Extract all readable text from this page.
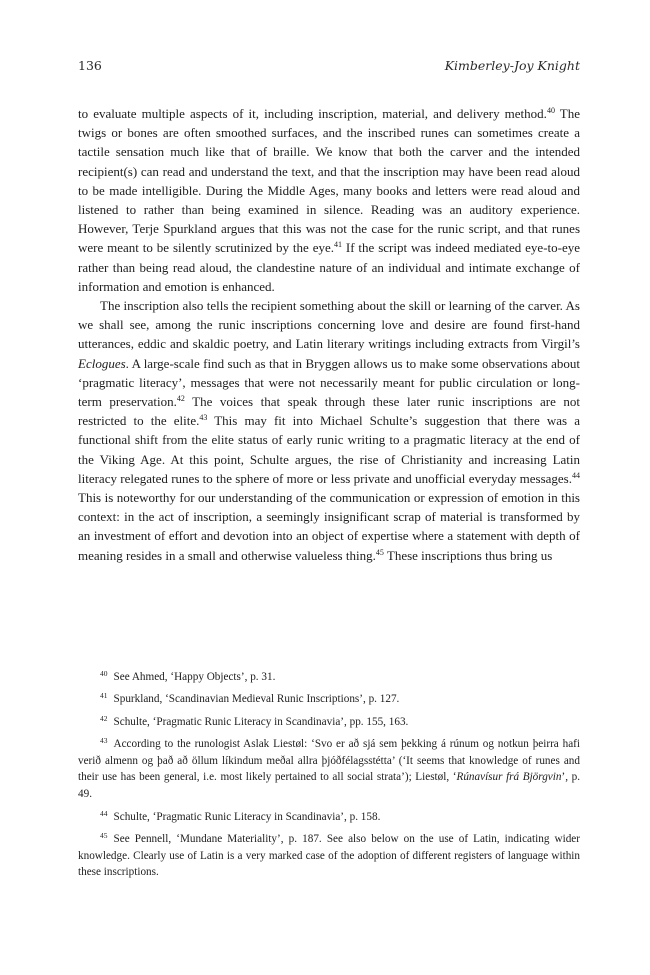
136	Kimberley-Joy Knight

to evaluate multiple aspects of it, including inscription, material, and delivery method.$^{40}$ The twigs or bones are often smoothed surfaces, and the inscribed runes can sometimes create a tactile sensation much like that of braille. We know that both the carver and the intended recipient(s) can read and understand the text, and that the inscription may have been read aloud to be made intelligible. During the Middle Ages, many books and letters were read aloud and listened to rather than being examined in silence. Reading was an auditory experience. However, Terje Spurkland argues that this was not the case for the runic script, and that runes were meant to be silently scrutinized by the eye.$^{41}$ If the script was indeed mediated eye-to-eye rather than being read aloud, the clandestine nature of an individual and intimate exchange of information and emotion is enhanced.

The inscription also tells the recipient something about the skill or learning of the carver. As we shall see, among the runic inscriptions concerning love and desire are found first-hand utterances, eddic and skaldic poetry, and Latin literary writings including extracts from Virgil’s Eclogues. A large-scale find such as that in Bryggen allows us to make some observations about ‘pragmatic literacy’, messages that were not necessarily meant for public circulation or long-term preservation.$^{42}$ The voices that speak through these later runic inscriptions are not restricted to the elite.$^{43}$ This may fit into Michael Schulte’s suggestion that there was a functional shift from the elite status of early runic writing to a pragmatic literacy at the end of the Viking Age. At this point, Schulte argues, the rise of Christianity and increasing Latin literacy relegated runes to the sphere of more or less private and unofficial everyday messages.$^{44}$ This is noteworthy for our understanding of the communication or expression of emotion in this context: in the act of inscription, a seemingly insignificant scrap of material is transformed by an investment of effort and devotion into an object of expertise where a statement with depth of meaning resides in a small and otherwise valueless thing.$^{45}$ These inscriptions thus bring us

$^{40}$ See Ahmed, ‘Happy Objects’, p. 31.

$^{41}$ Spurkland, ‘Scandinavian Medieval Runic Inscriptions’, p. 127.

$^{42}$ Schulte, ‘Pragmatic Runic Literacy in Scandinavia’, pp. 155, 163.

$^{43}$ According to the runologist Aslak Liestøl: ‘Svo er að sjá sem þekking á rúnum og notkun þeirra hafi verið almenn og það að öllum líkindum meðal allra þjóðfélagsstétta’ (‘It seems that knowledge of runes and their use has been general, i.e. most likely pertained to all social strata’); Liestøl, ‘Rúnavísur frá Björgvin’, p. 49.

$^{44}$ Schulte, ‘Pragmatic Runic Literacy in Scandinavia’, p. 158.

$^{45}$ See Pennell, ‘Mundane Materiality’, p. 187. See also below on the use of Latin, indicating wider knowledge. Clearly use of Latin is a very marked case of the adoption of different registers of language within these inscriptions.
